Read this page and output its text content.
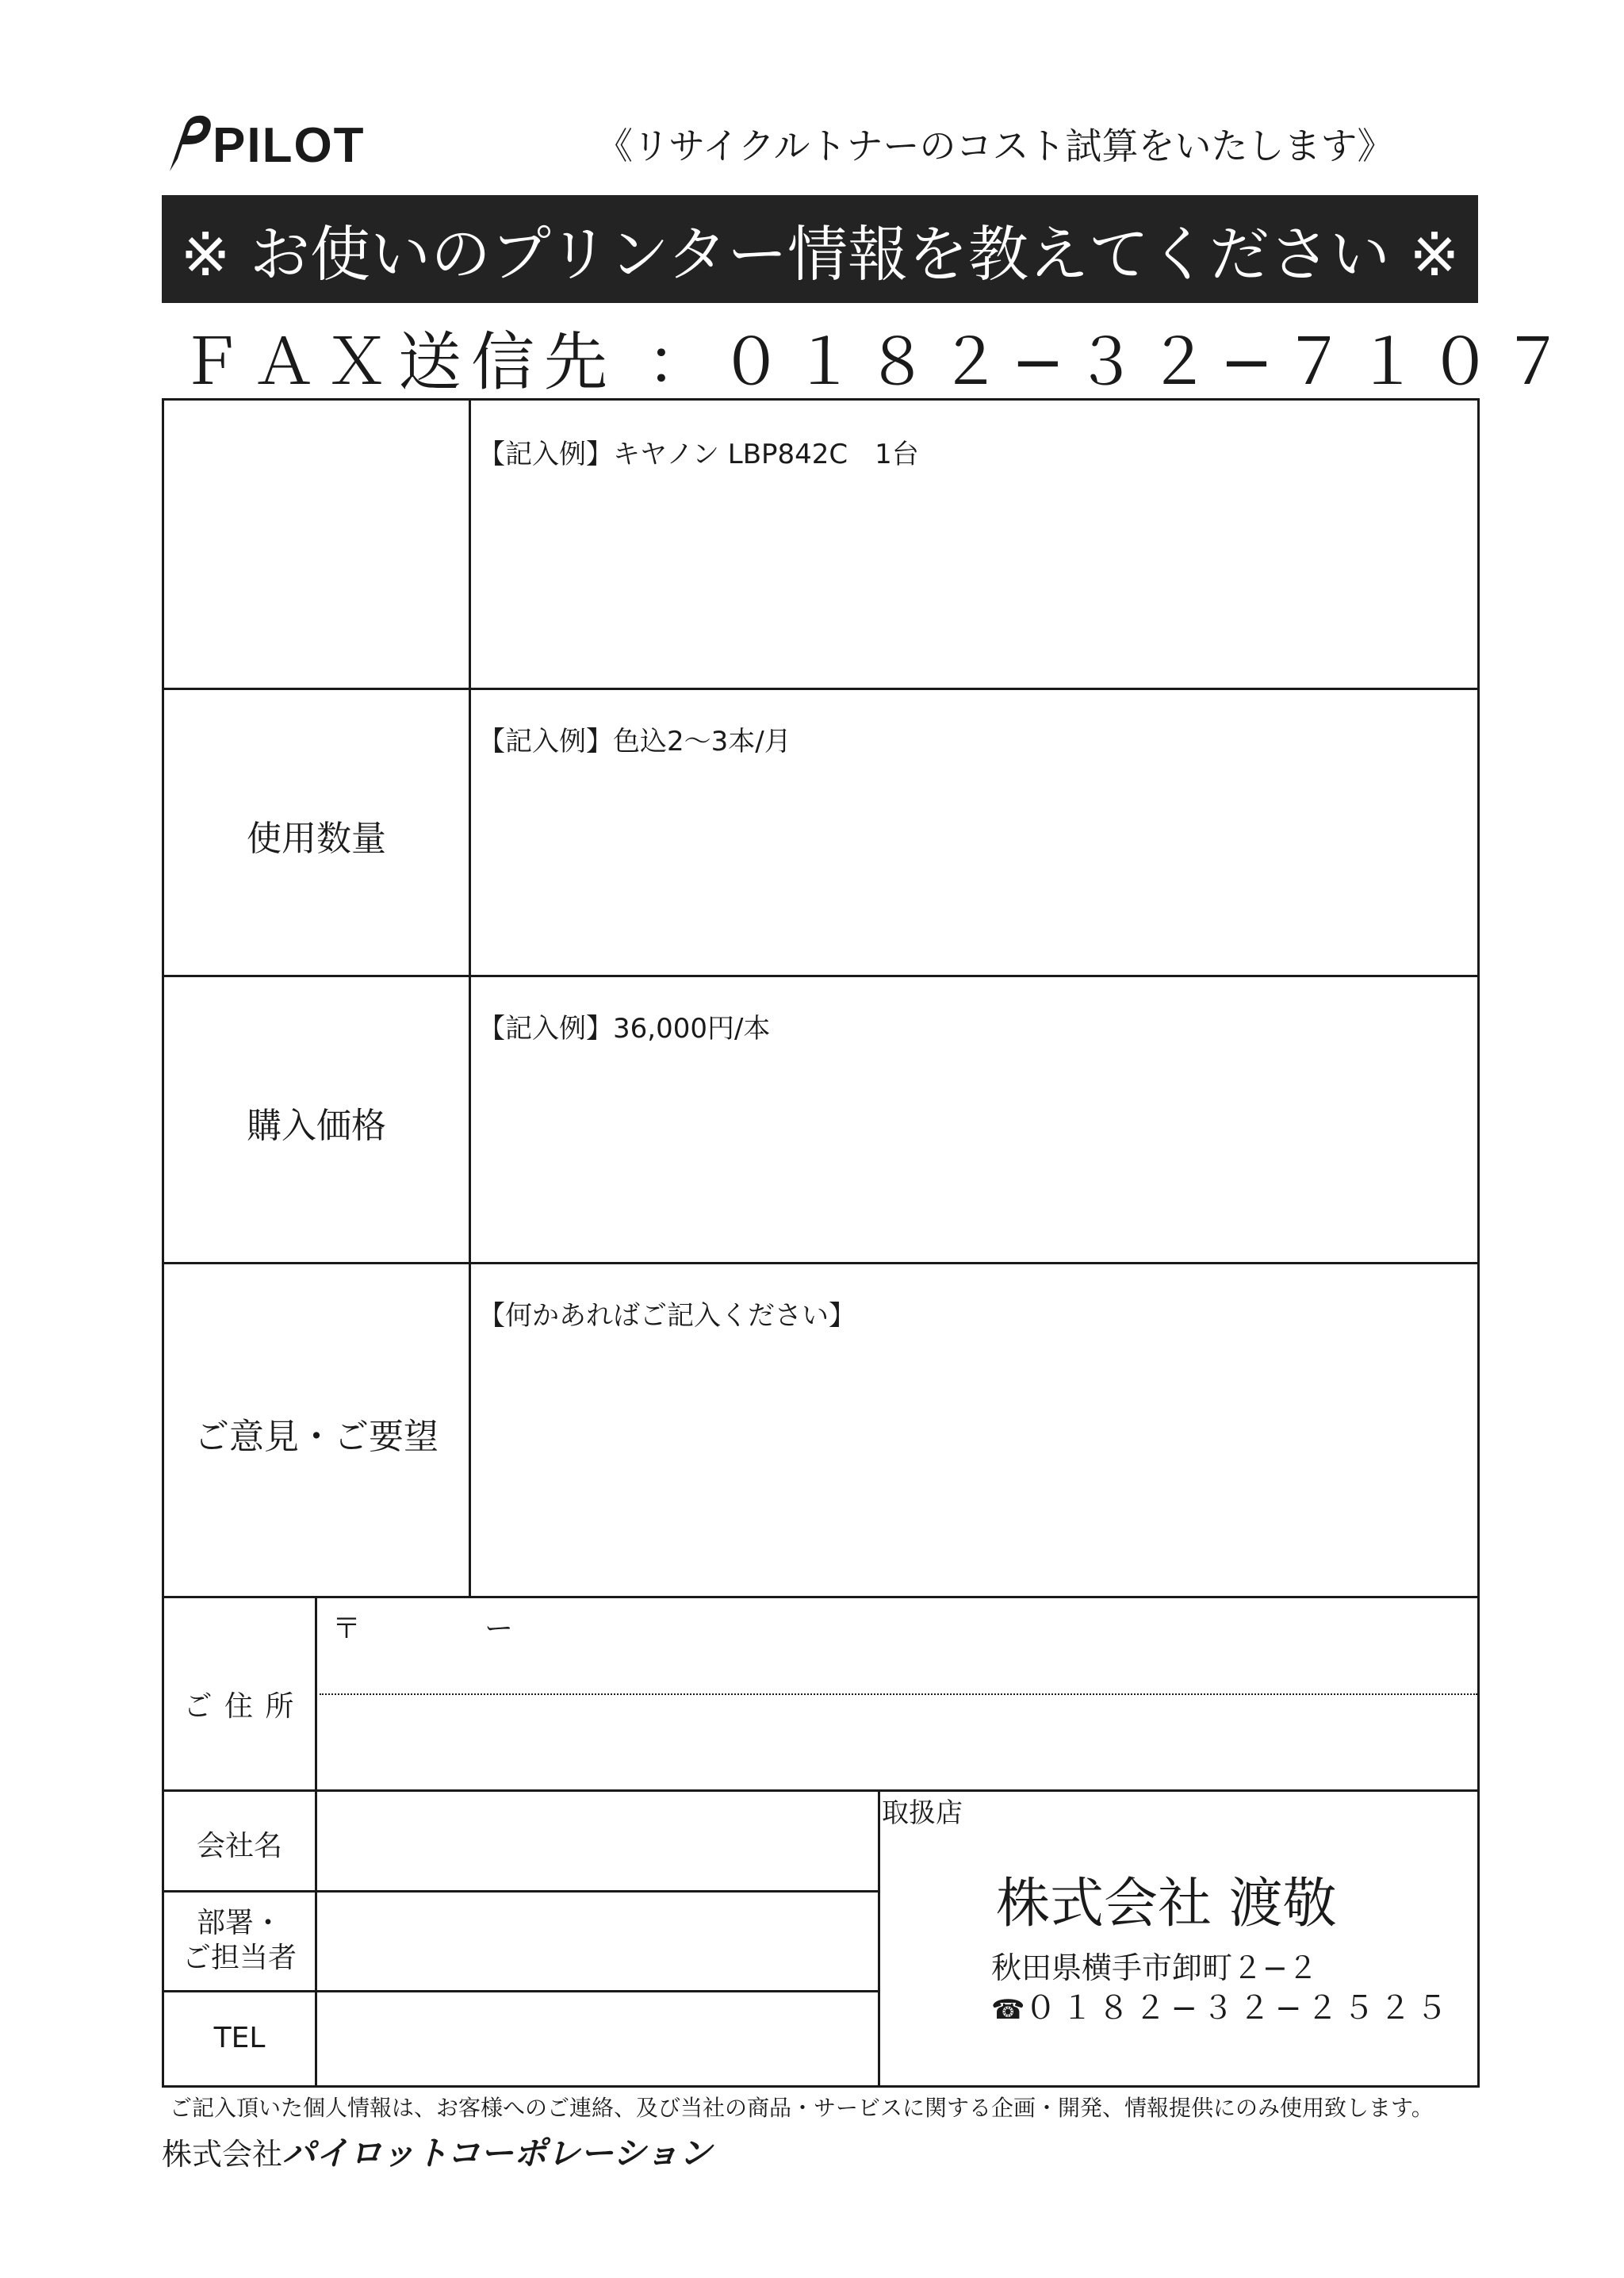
PILOT	《リサイクルトナーのコスト試算をいたします》
※ お使いのプリンター情報を教えてください ※
ＦＡＸ送信先 ：０１８２−３２−７１０７
【記入例】キヤノン LBP842C　1台
使用数量
【記入例】色込2〜3本/月
購入価格
【記入例】36,000円/本
ご意見・ご要望
【何かあればご記入ください】
ご 住 所
〒	ー
会社名
部署・
ご担当者
TEL
取扱店
株式会社 渡敬
秋田県横手市卸町２−２
☎０１８２−３２−２５２５
ご記入頂いた個人情報は、お客様へのご連絡、及び当社の商品・サービスに関する企画・開発、情報提供にのみ使用致します。
株式会社パイロットコーポレーション
